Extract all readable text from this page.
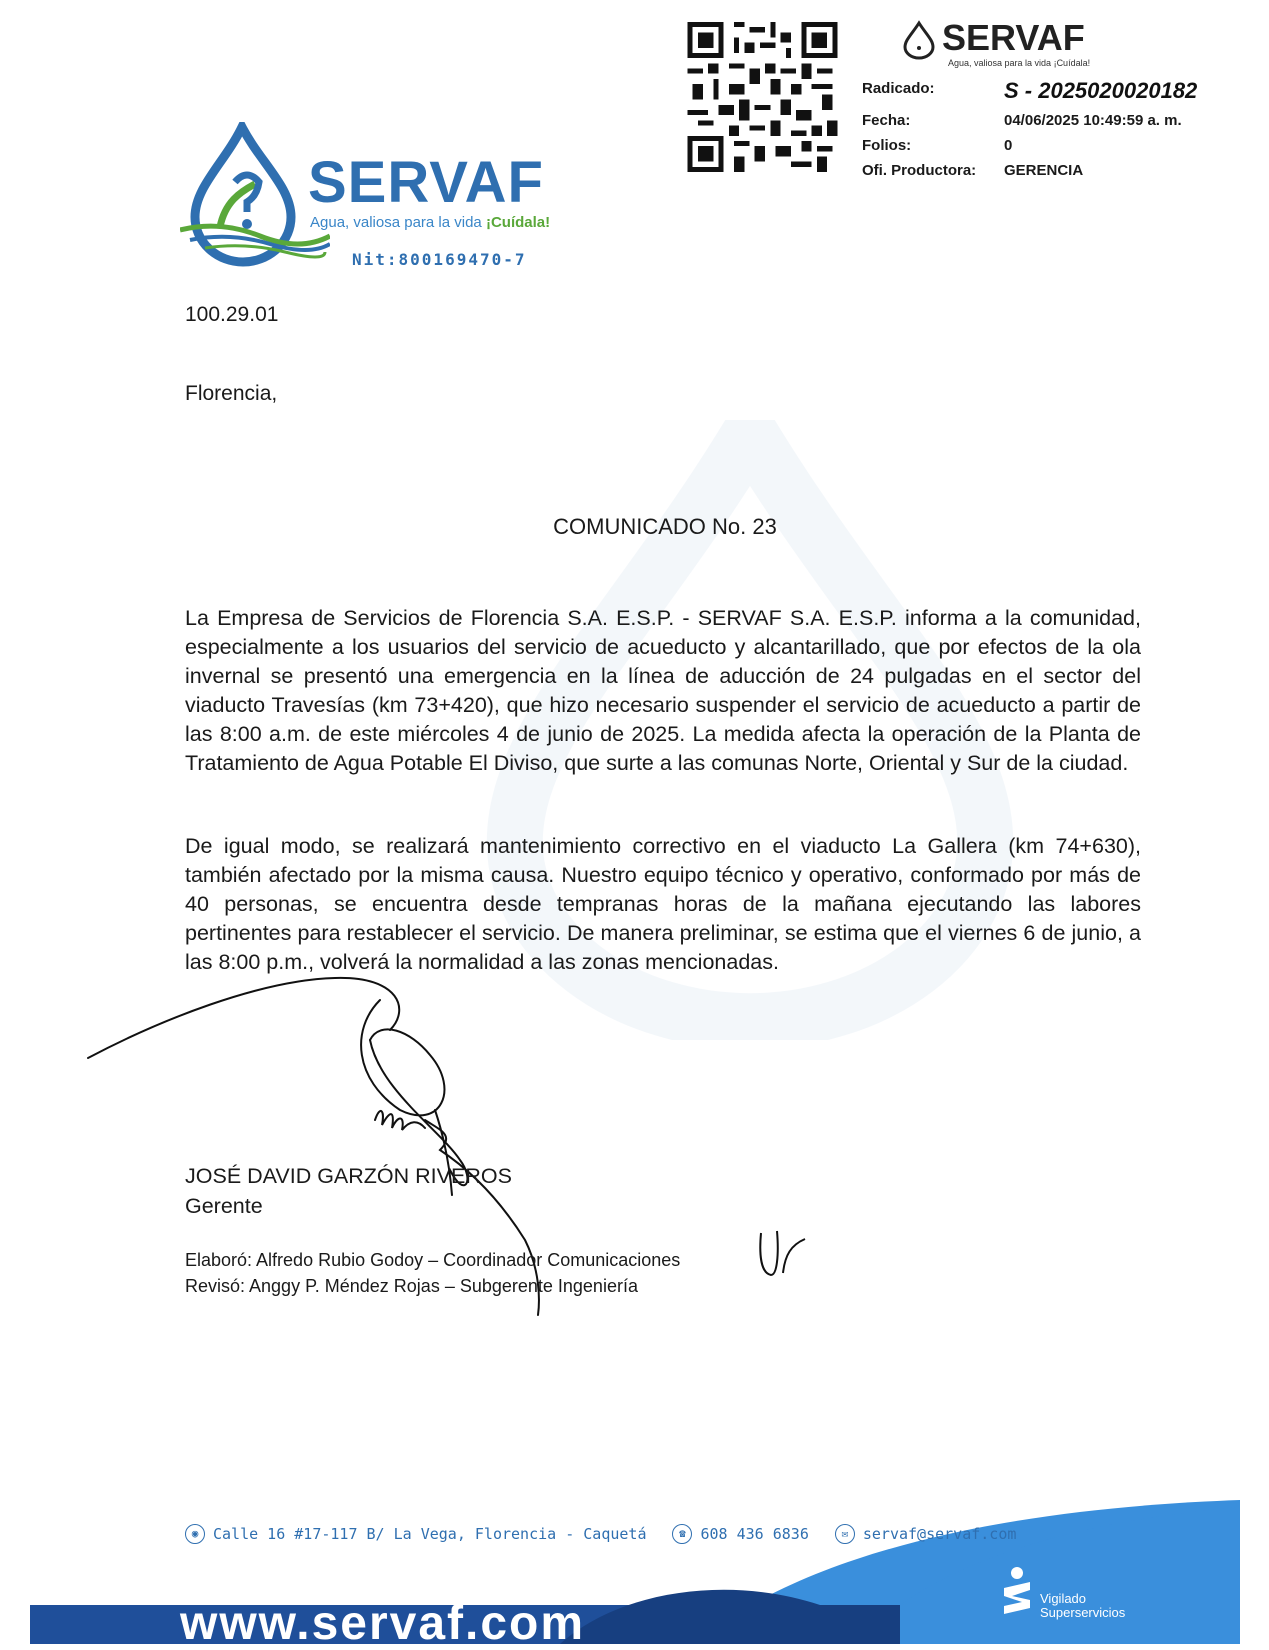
SERVAF
Agua, valiosa para la vida ¡Cuídala!
Nit:800169470-7
SERVAF
Agua, valiosa para la vida ¡Cuídala!
Radicado:	S - 2025020020182
Fecha:	04/06/2025 10:49:59 a. m.
Folios:	0
Ofi. Productora: GERENCIA
100.29.01
Florencia,
COMUNICADO No. 23
La Empresa de Servicios de Florencia S.A. E.S.P. - SERVAF S.A. E.S.P. informa a la comunidad, especialmente a los usuarios del servicio de acueducto y alcantarillado, que por efectos de la ola invernal se presentó una emergencia en la línea de aducción de 24 pulgadas en el sector del viaducto Travesías (km 73+420), que hizo necesario suspender el servicio de acueducto a partir de las 8:00 a.m. de este miércoles 4 de junio de 2025. La medida afecta la operación de la Planta de Tratamiento de Agua Potable El Diviso, que surte a las comunas Norte, Oriental y Sur de la ciudad.
De igual modo, se realizará mantenimiento correctivo en el viaducto La Gallera (km 74+630), también afectado por la misma causa. Nuestro equipo técnico y operativo, conformado por más de 40 personas, se encuentra desde tempranas horas de la mañana ejecutando las labores pertinentes para restablecer el servicio. De manera preliminar, se estima que el viernes 6 de junio, a las 8:00 p.m., volverá la normalidad a las zonas mencionadas.
JOSÉ DAVID GARZÓN RIVEROS
Gerente
Elaboró: Alfredo Rubio Godoy – Coordinador Comunicaciones
Revisó: Anggy P. Méndez Rojas – Subgerente Ingeniería
◉ Calle 16 #17-117 B/ La Vega, Florencia - Caquetá	☎ 608 436 6836	✉ servaf@servaf.com
www.servaf.com	Vigilado
Superservicios
